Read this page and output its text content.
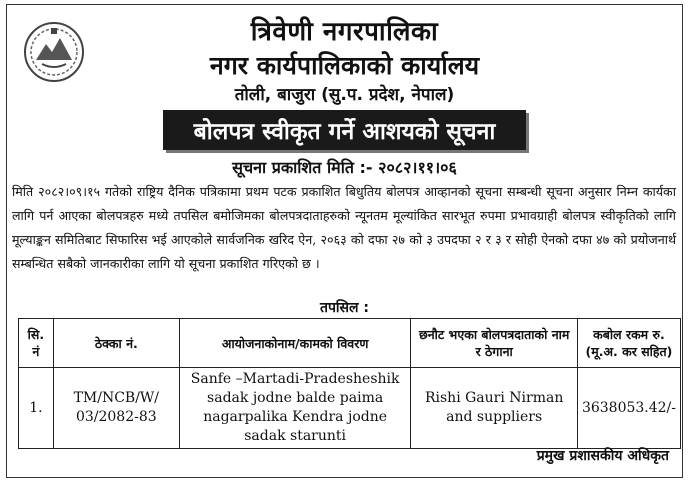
त्रिवेणी नगरपालिका
नगर कार्यपालिकाको कार्यालय
तोली, बाजुरा (सु.प. प्रदेश, नेपाल)
बोलपत्र स्वीकृत गर्ने आशयको सूचना
सूचना प्रकाशित मिति :- २०८२।११।०६
मिति २०८२।०९।१५ गतेको राष्ट्रिय दैनिक पत्रिकामा प्रथम पटक प्रकाशित बिधुतिय बोलपत्र आव्हानको सूचना सम्बन्धी सूचना अनुसार निम्न कार्यका लागि पर्न आएका बोलपत्रहरु मध्ये तपसिल बमोजिमका बोलपत्रदाताहरुको न्यूनतम मूल्यांकित सारभूत रुपमा प्रभावग्राही बोलपत्र स्वीकृतिको लागि मूल्याङ्कन समितिबाट सिफारिस भई आएकोले सार्वजनिक खरिद ऐन, २०६३ को दफा २७ को ३ उपदफा २ र ३ र सोही ऐनको दफा ४७ को प्रयोजनार्थ सम्बन्धित सबैको जानकारीका लागि यो सूचना प्रकाशित गरिएको छ ।
तपसिल :
सि. नं	ठेक्का नं.	आयोजनाकोनाम/कामको विवरण	छनौट भएका बोलपत्रदाताको नाम र ठेगाना	कबोल रकम रु. (मू.अ. कर सहित)
1.	TM/NCB/W/ 03/2082-83	Sanfe –Martadi-Pradesheshik sadak jodne balde paima nagarpalika Kendra jodne sadak starunti	Rishi Gauri Nirman and suppliers	3638053.42/-
प्रमुख प्रशासकीय अधिकृत
